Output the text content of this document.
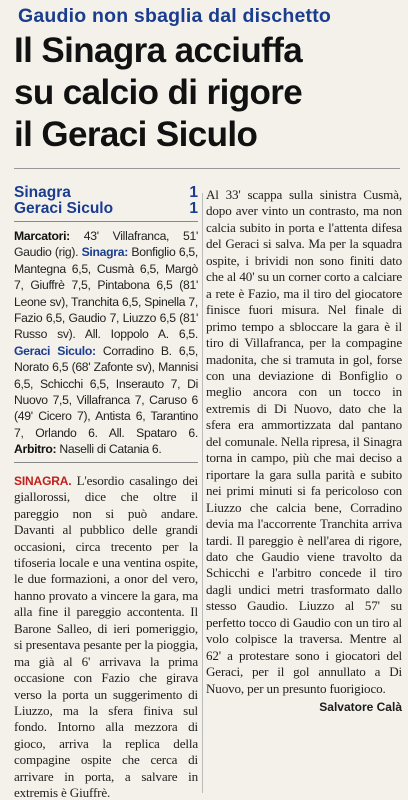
Gaudio non sbaglia dal dischetto
Il Sinagra acciuffa
su calcio di rigore
il Geraci Siculo
Sinagra	1
Geraci Siculo	1
Marcatori: 43' Villafranca, 51' Gaudio (rig). Sinagra: Bonfiglio 6,5, Mantegna 6,5, Cusmà 6,5, Margò 7, Giuffrè 7,5, Pintabona 6,5 (81' Leone sv), Tranchita 6,5, Spinella 7, Fazio 6,5, Gaudio 7, Liuzzo 6,5 (81' Russo sv). All. Ioppolo A. 6,5. Geraci Siculo: Corradino B. 6,5, Norato 6,5 (68' Zafonte sv), Mannisi 6,5, Schicchi 6,5, Inserauto 7, Di Nuovo 7,5, Villafranca 7, Caruso 6 (49' Cicero 7), Antista 6, Tarantino 7, Orlando 6. All. Spataro 6. Arbitro: Naselli di Catania 6.
SINAGRA. L'esordio casalingo dei giallorossi, dice che oltre il pareggio non si può andare. Davanti al pubblico delle grandi occasioni, circa trecento per la tifoseria locale e una ventina ospite, le due formazioni, a onor del vero, hanno provato a vincere la gara, ma alla fine il pareggio accontenta. Il Barone Salleo, di ieri pomeriggio, si presentava pesante per la pioggia, ma già al 6' arrivava la prima occasione con Fazio che girava verso la porta un suggerimento di Liuzzo, ma la sfera finiva sul fondo. Intorno alla mezzora di gioco, arriva la replica della compagine ospite che cerca di arrivare in porta, a salvare in extremis è Giuffrè.
Al 33' scappa sulla sinistra Cusmà, dopo aver vinto un contrasto, ma non calcia subito in porta e l'attenta difesa del Geraci si salva. Ma per la squadra ospite, i brividi non sono finiti dato che al 40' su un corner corto a calciare a rete è Fazio, ma il tiro del giocatore finisce fuori misura. Nel finale di primo tempo a sbloccare la gara è il tiro di Villafranca, per la compagine madonita, che si tramuta in gol, forse con una deviazione di Bonfiglio o meglio ancora con un tocco in extremis di Di Nuovo, dato che la sfera era ammortizzata dal pantano del comunale. Nella ripresa, il Sinagra torna in campo, più che mai deciso a riportare la gara sulla parità e subito nei primi minuti si fa pericoloso con Liuzzo che calcia bene, Corradino devia ma l'accorrente Tranchita arriva tardi. Il pareggio è nell'area di rigore, dato che Gaudio viene travolto da Schicchi e l'arbitro concede il tiro dagli undici metri trasformato dallo stesso Gaudio. Liuzzo al 57' su perfetto tocco di Gaudio con un tiro al volo colpisce la traversa. Mentre al 62' a protestare sono i giocatori del Geraci, per il gol annullato a Di Nuovo, per un presunto fuorigioco.
Salvatore Calà
